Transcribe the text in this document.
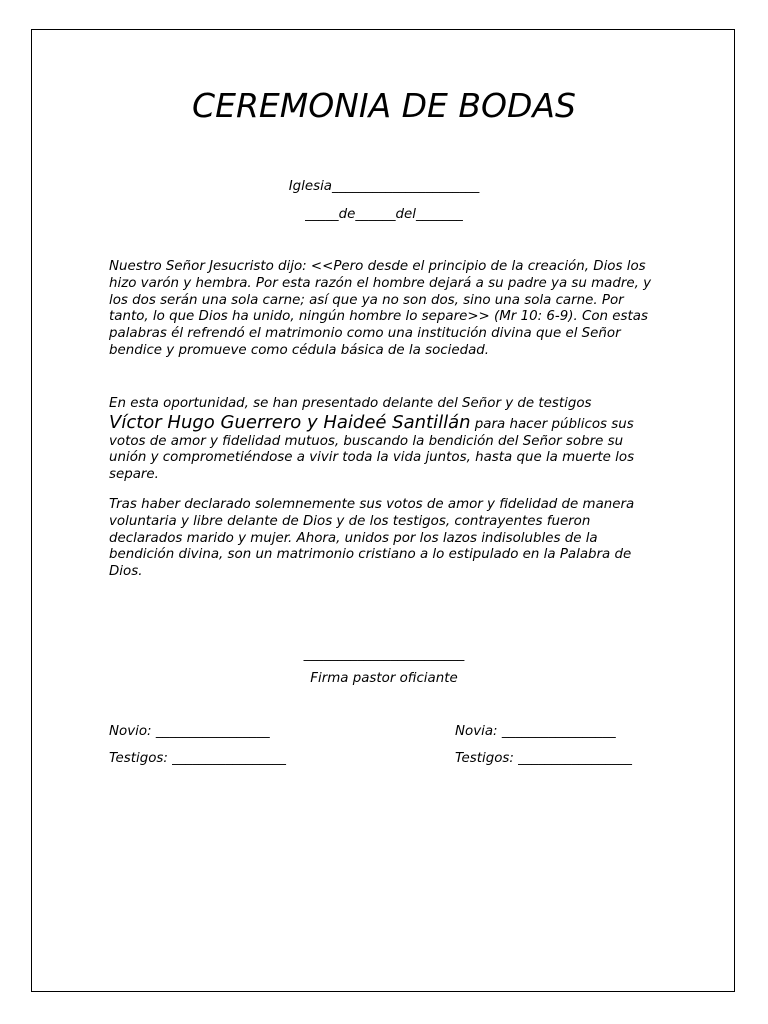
CEREMONIA DE BODAS
Iglesia______________________
_____de______del_______

Nuestro Señor Jesucristo dijo: <<Pero desde el principio de la creación, Dios los hizo varón y hembra. Por esta razón el hombre dejará a su padre ya su madre, y los dos serán una sola carne; así que ya no son dos, sino una sola carne. Por tanto, lo que Dios ha unido, ningún hombre lo separe>> (Mr 10: 6-9). Con estas palabras él refrendó el matrimonio como una institución divina que el Señor bendice y promueve como cédula básica de la sociedad.

En esta oportunidad, se han presentado delante del Señor y de testigos
Víctor Hugo Guerrero y Haideé Santillán para hacer públicos sus votos de amor y fidelidad mutuos, buscando la bendición del Señor sobre su unión y comprometiéndose a vivir toda la vida juntos, hasta que la muerte los separe.

Tras haber declarado solemnemente sus votos de amor y fidelidad de manera voluntaria y libre delante de Dios y de los testigos, contrayentes fueron declarados marido y mujer. Ahora, unidos por los lazos indisolubles de la bendición divina, son un matrimonio cristiano a lo estipulado en la Palabra de Dios.

________________________
Firma pastor oficiante
Novio: _________________	Novia: _________________
Testigos: _________________	Testigos: _________________
